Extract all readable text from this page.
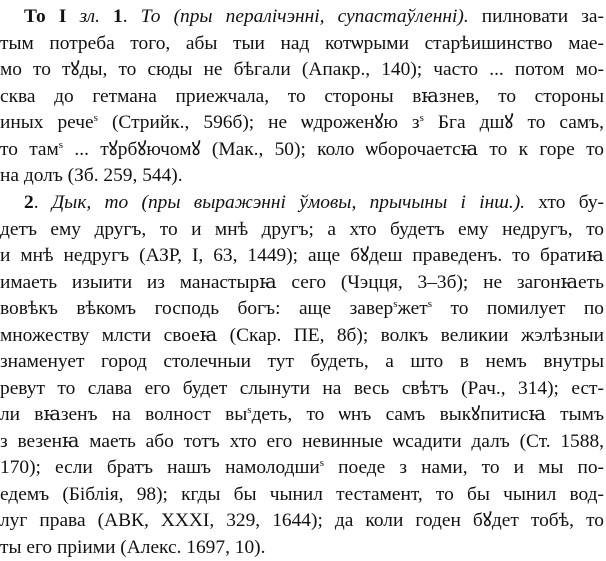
То І зл. 1. То (пры пералічэнні, супастаўленні). пилновати за-
тым потреба того, абы тыи над котѡрыми старѣишинство мае-
мо то тꙋды, то сюды не бѣгали (Апакр., 140); часто ... потом мо-
сква до гетмана приежчала, то стороны вꙗзнев, то стороны
иных рече$^s$ (Стрийк., 596б); не ѡдроженꙋю $з^s$ Бга дшꙋ то самъ,
то там$^s$ ... тꙋрбꙋючомꙋ (Мак., 50); коло ѡборочаетсꙗ то к горе то
на долъ (Зб. 259, 544).
2. Дык, то (пры выражэнні ўмовы, прычыны і інш.). хто бу-
детъ ему другъ, то и мнѣ другъ; а хто будетъ ему недругъ, то
и мнѣ недругъ (АЗР, І, 63, 1449); аще бꙋдеш праведенъ. то братиꙗ
имаеть изыити из манастырꙗ сего (Чэцця, 3–3б); не загонꙗеть
вовѣкъ вѣкомъ господь богъ: аще завер$^s$жет$^s$ то помилует по
множеству млсти своеꙗ (Скар. ПЕ, 8б); волкъ великии жэлѣзныи
знаменует город столечныи тут будеть, а што в немъ внутры
ревут то слава его будет слынути на весь свѣтъ (Рач., 314); ест-
ли вꙗзенъ на волност $вы^sдеть$, то ѡнъ самъ выкꙋпитисꙗ тымъ
з везенꙗ маеть або тотъ хто его невинные ѡсадити далъ (Ст. 1588,
170); если братъ нашъ намолодши$^s$ поеде з нами, то и мы по-
едемъ (Біблія, 98); кгды бы чынил тестамент, то бы чынил вод-
луг права (АВК, ХХХІ, 329, 1644); да коли годен бꙋдет тобѣ, то
ты его пріими (Алекс. 1697, 10).
